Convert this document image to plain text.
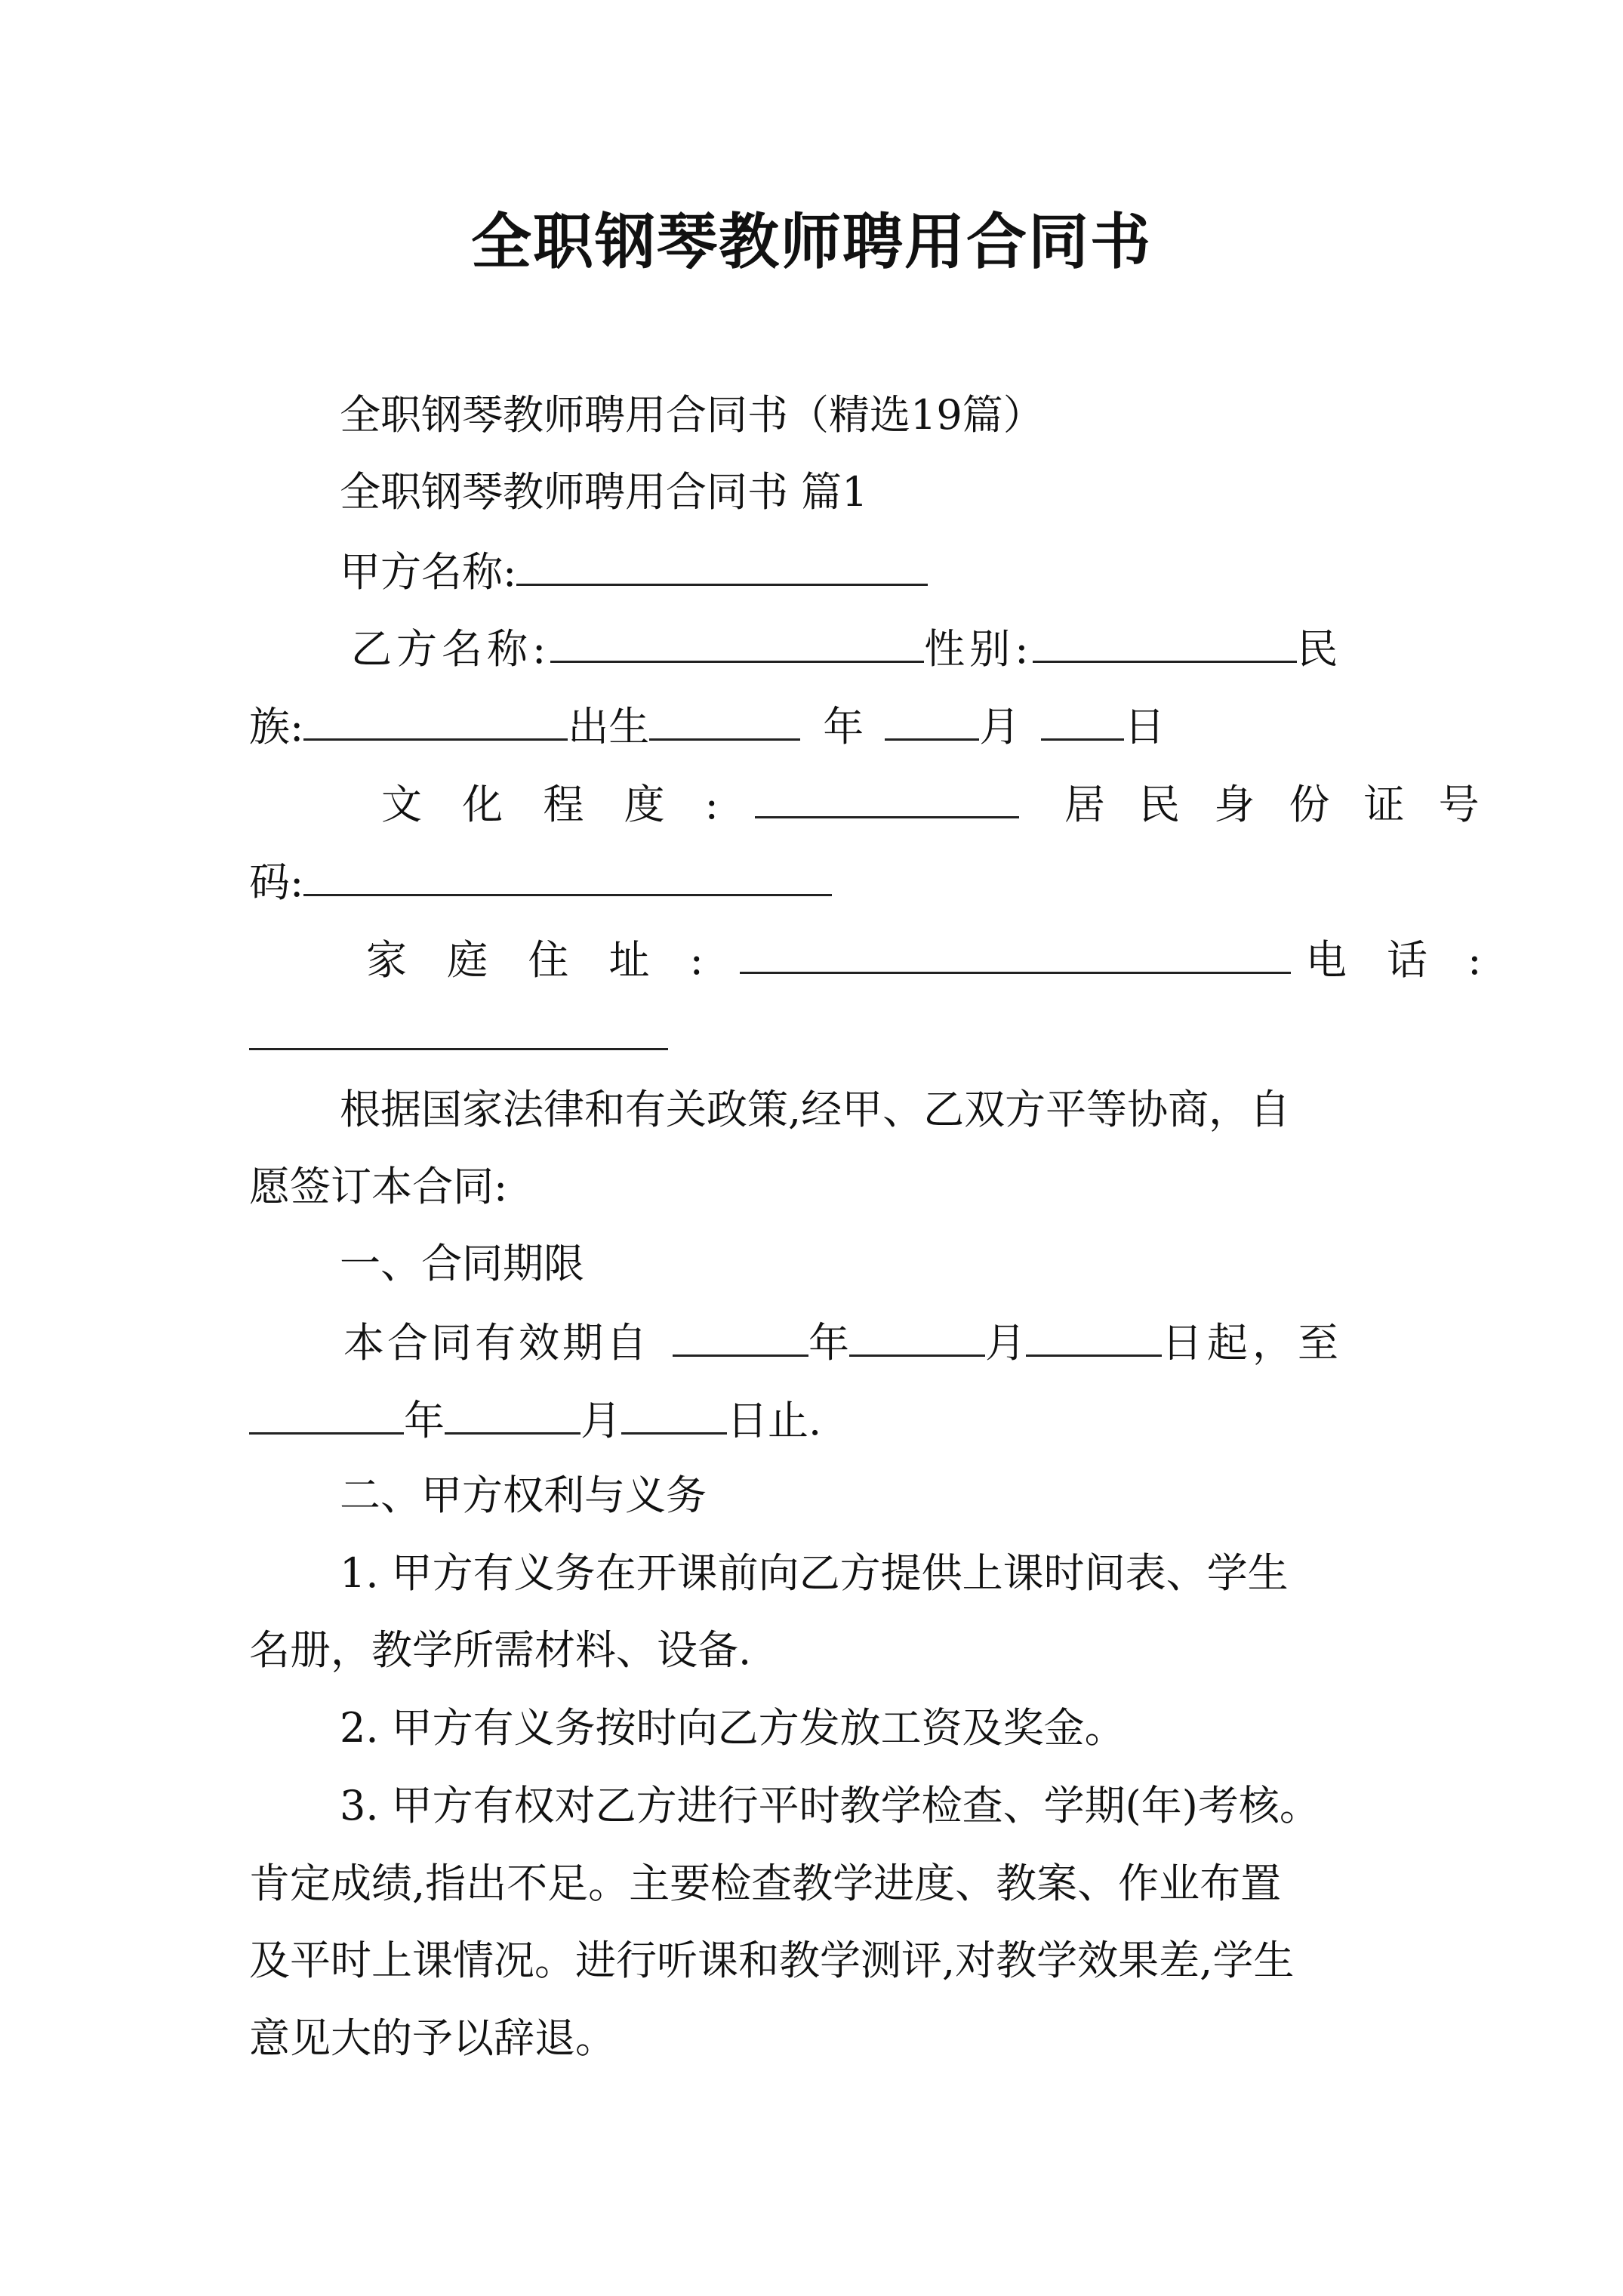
全职钢琴教师聘用合同书
全职钢琴教师聘用合同书（精选19篇）
全职钢琴教师聘用合同书 篇1
甲方名称:
乙方名称:	性别:	民
族:	出生	年	月	日
文 化 程 度 :	居 民 身 份 证 号
码:
家 庭 住 址 :	电 话 :
根据国家法律和有关政策,经甲、乙双方平等协商，自
愿签订本合同:
一、合同期限
本合同有效期自	年	月	日起，至
年	月	日止.
二、甲方权利与义务
1. 甲方有义务在开课前向乙方提供上课时间表、学生
名册，教学所需材料、设备.
2. 甲方有义务按时向乙方发放工资及奖金。
3. 甲方有权对乙方进行平时教学检查、学期(年)考核。
肯定成绩,指出不足。主要检查教学进度、教案、作业布置
及平时上课情况。进行听课和教学测评,对教学效果差,学生
意见大的予以辞退。
